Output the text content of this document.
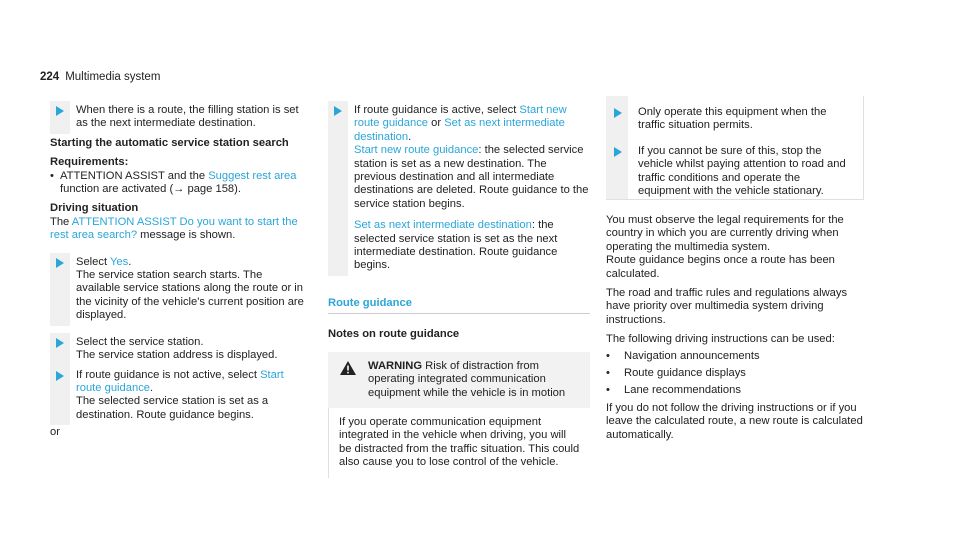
224 Multimedia system

When there is a route, the filling station is set as the next intermediate destination.

Starting the automatic service station search

Requirements:

• ATTENTION ASSIST and the Suggest rest area function are activated (→ page 158).

Driving situation

The ATTENTION ASSIST Do you want to start the rest area search? message is shown.

Select Yes.

The service station search starts. The available service stations along the route or in the vicinity of the vehicle's current position are displayed.

Select the service station.

The service station address is displayed.

If route guidance is not active, select Start route guidance.

The selected service station is set as a destination. Route guidance begins.

or

If route guidance is active, select Start new route guidance or Set as next intermediate destination.

Start new route guidance: the selected service station is set as a new destination. The previous destination and all intermediate destinations are deleted. Route guidance to the service station begins.

Set as next intermediate destination: the selected service station is set as the next intermediate destination. Route guidance begins.

Route guidance

Notes on route guidance

WARNING Risk of distraction from operating integrated communication equipment while the vehicle is in motion
If you operate communication equipment integrated in the vehicle when driving, you will be distracted from the traffic situation. This could also cause you to lose control of the vehicle.

Only operate this equipment when the traffic situation permits.

If you cannot be sure of this, stop the vehicle whilst paying attention to road and traffic conditions and operate the equipment with the vehicle stationary.

You must observe the legal requirements for the country in which you are currently driving when operating the multimedia system.

Route guidance begins once a route has been calculated.

The road and traffic rules and regulations always have priority over multimedia system driving instructions.

The following driving instructions can be used:

• Navigation announcements
• Route guidance displays
• Lane recommendations

If you do not follow the driving instructions or if you leave the calculated route, a new route is calculated automatically.
